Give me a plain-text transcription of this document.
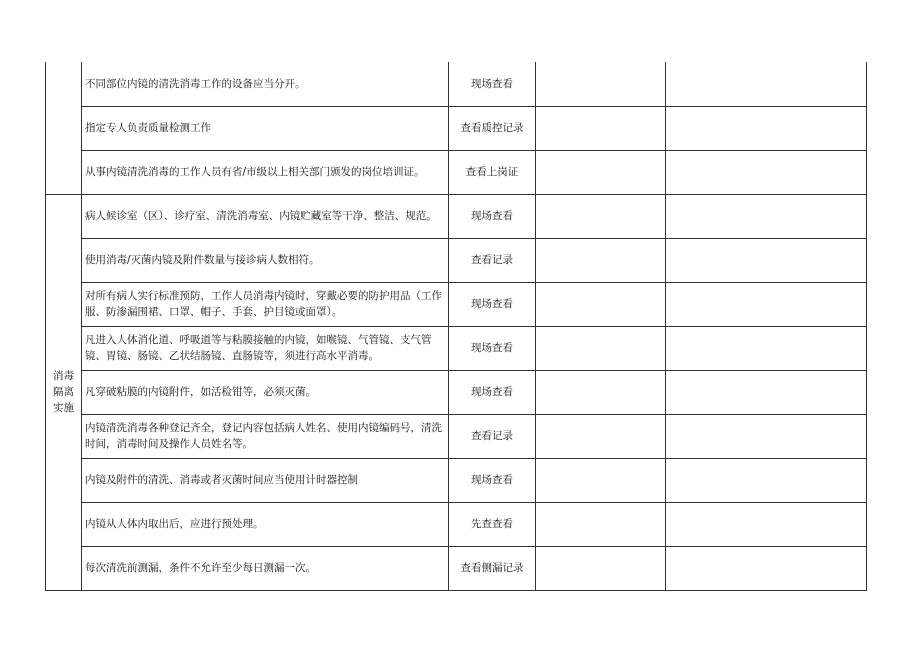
	不同部位内镜的清洗消毒工作的设备应当分开。	现场查看		
	指定专人负责质量检测工作	查看质控记录		
	从事内镜清洗消毒的工作人员有省/市级以上相关部门颁发的岗位培训证。	查看上岗证		
消毒隔离实施	病人候诊室（区）、诊疗室、清洗消毒室、内镜贮藏室等干净、整洁、规范。	现场查看		
	使用消毒/灭菌内镜及附件数量与接诊病人数相符。	查看记录		
	对所有病人实行标准预防，工作人员消毒内镜时，穿戴必要的防护用品（工作服、防渗漏围裙、口罩、帽子、手套、护目镜或面罩）。	现场查看		
	凡进入人体消化道、呼吸道等与粘膜接触的内镜，如喉镜、气管镜、支气管镜、胃镜、肠镜、乙状结肠镜、直肠镜等，须进行高水平消毒。	现场查看		
	凡穿破粘膜的内镜附件，如活检钳等，必须灭菌。	现场查看		
	内镜清洗消毒各种登记齐全，登记内容包括病人姓名、使用内镜编码号，清洗时间，消毒时间及操作人员姓名等。	查看记录		
	内镜及附件的清洗、消毒或者灭菌时间应当使用计时器控制	现场查看		
	内镜从人体内取出后，应进行预处理。	先查查看		
	每次清洗前测漏，条件不允许至少每日测漏一次。	查看侧漏记录		
